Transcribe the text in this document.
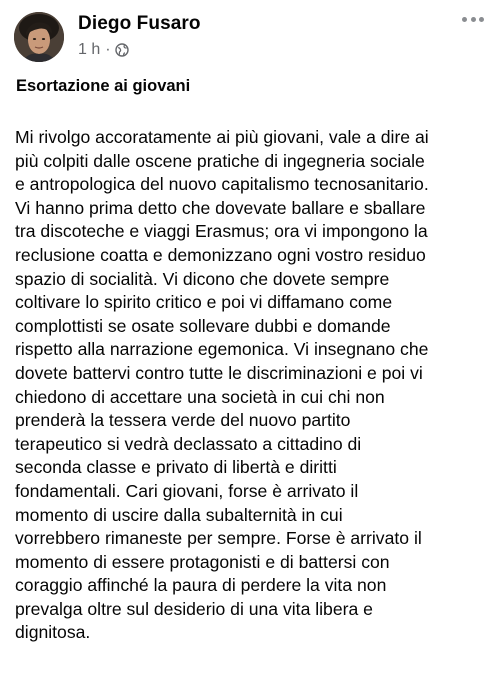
Diego Fusaro
1 h ·
Esortazione ai giovani
Mi rivolgo accoratamente ai più giovani, vale a dire ai
più colpiti dalle oscene pratiche di ingegneria sociale
e antropologica del nuovo capitalismo tecnosanitario.
Vi hanno prima detto che dovevate ballare e sballare
tra discoteche e viaggi Erasmus; ora vi impongono la
reclusione coatta e demonizzano ogni vostro residuo
spazio di socialità. Vi dicono che dovete sempre
coltivare lo spirito critico e poi vi diffamano come
complottisti se osate sollevare dubbi e domande
rispetto alla narrazione egemonica. Vi insegnano che
dovete battervi contro tutte le discriminazioni e poi vi
chiedono di accettare una società in cui chi non
prenderà la tessera verde del nuovo partito
terapeutico si vedrà declassato a cittadino di
seconda classe e privato di libertà e diritti
fondamentali. Cari giovani, forse è arrivato il
momento di uscire dalla subalternità in cui
vorrebbero rimaneste per sempre. Forse è arrivato il
momento di essere protagonisti e di battersi con
coraggio affinché la paura di perdere la vita non
prevalga oltre sul desiderio di una vita libera e
dignitosa.
